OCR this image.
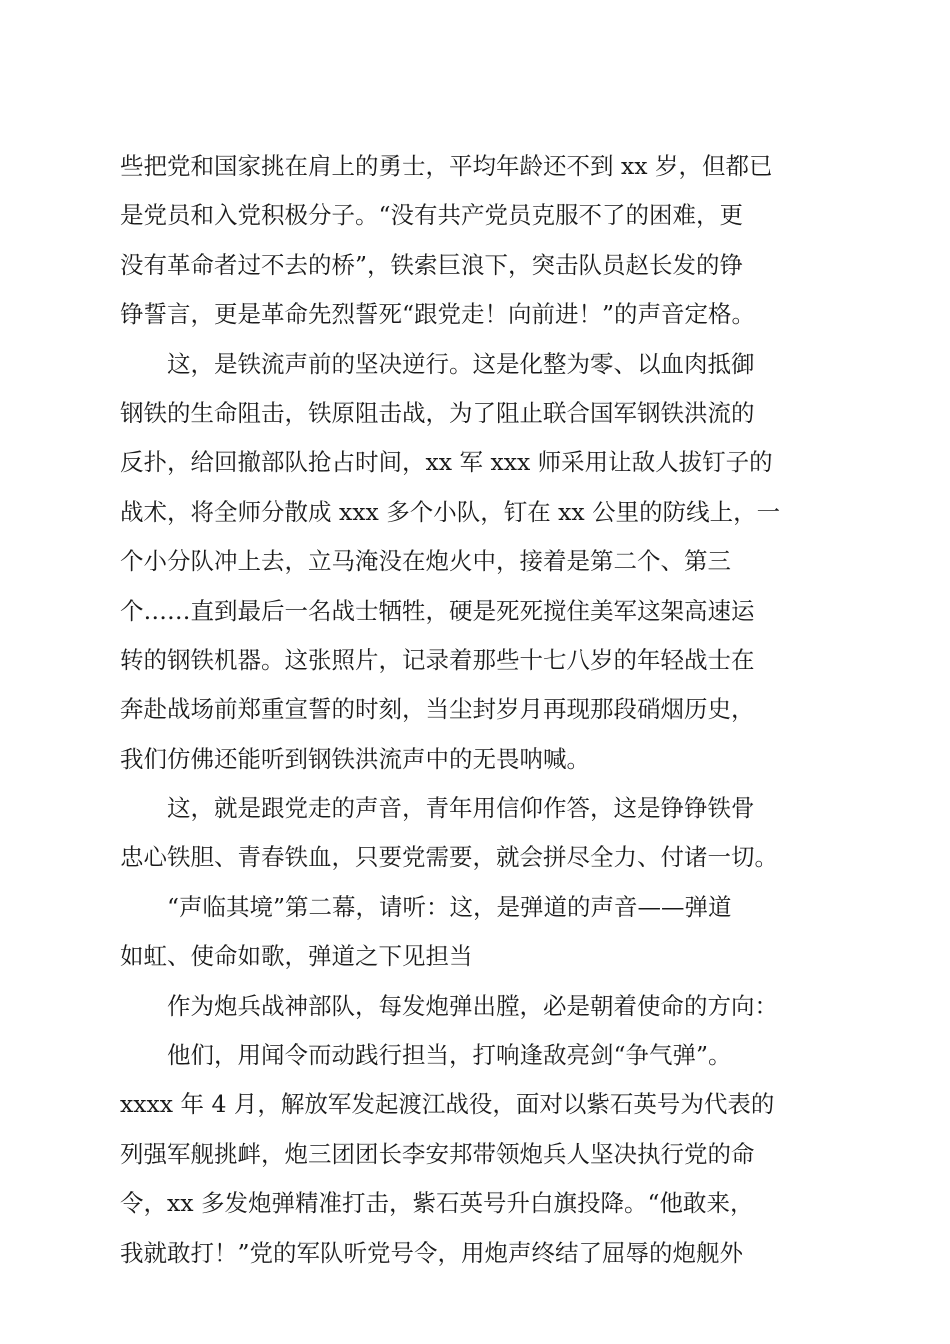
些把党和国家挑在肩上的勇士，平均年龄还不到 xx 岁，但都已
是党员和入党积极分子。“没有共产党员克服不了的困难，更
没有革命者过不去的桥”，铁索巨浪下，突击队员赵长发的铮
铮誓言，更是革命先烈誓死“跟党走！向前进！”的声音定格。
这，是铁流声前的坚决逆行。这是化整为零、以血肉抵御
钢铁的生命阻击，铁原阻击战，为了阻止联合国军钢铁洪流的
反扑，给回撤部队抢占时间，xx 军 xxx 师采用让敌人拔钉子的
战术，将全师分散成 xxx 多个小队，钉在 xx 公里的防线上，一
个小分队冲上去，立马淹没在炮火中，接着是第二个、第三
个……直到最后一名战士牺牲，硬是死死搅住美军这架高速运
转的钢铁机器。这张照片，记录着那些十七八岁的年轻战士在
奔赴战场前郑重宣誓的时刻，当尘封岁月再现那段硝烟历史，
我们仿佛还能听到钢铁洪流声中的无畏呐喊。
这，就是跟党走的声音，青年用信仰作答，这是铮铮铁骨
忠心铁胆、青春铁血，只要党需要，就会拼尽全力、付诸一切。
“声临其境”第二幕，请听：这，是弹道的声音——弹道
如虹、使命如歌，弹道之下见担当
作为炮兵战神部队，每发炮弹出膛，必是朝着使命的方向：
他们，用闻令而动践行担当，打响逢敌亮剑“争气弹”。
xxxx 年 4 月，解放军发起渡江战役，面对以紫石英号为代表的
列强军舰挑衅，炮三团团长李安邦带领炮兵人坚决执行党的命
令，xx 多发炮弹精准打击，紫石英号升白旗投降。“他敢来，
我就敢打！”党的军队听党号令，用炮声终结了屈辱的炮舰外
